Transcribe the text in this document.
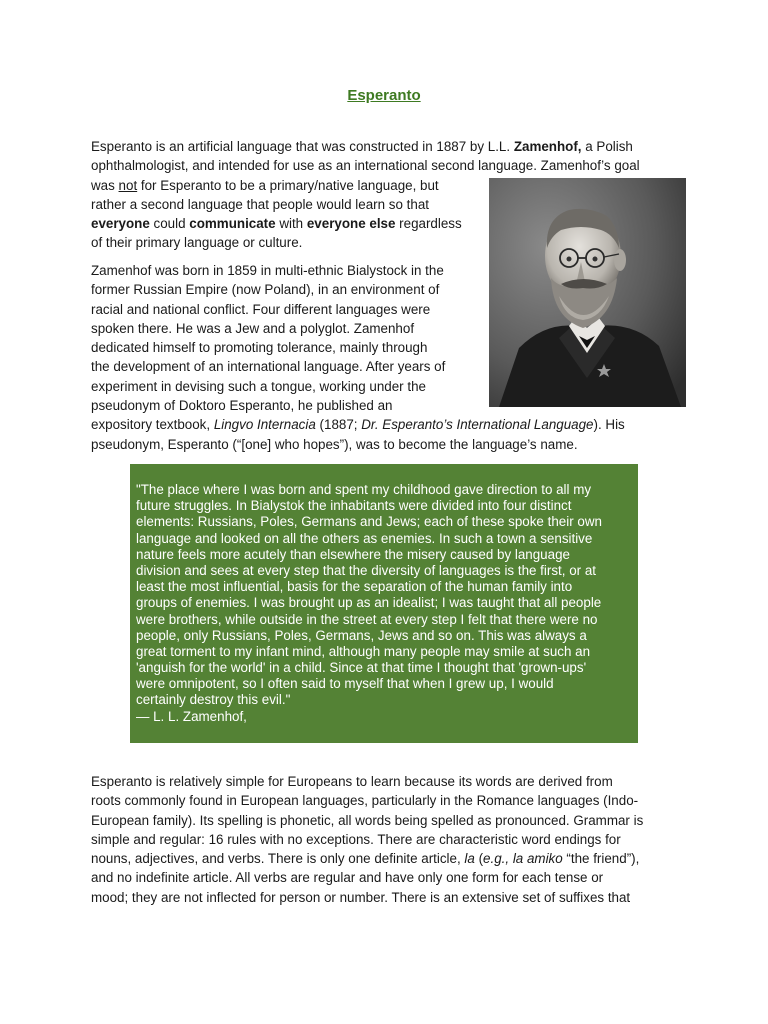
Esperanto
Esperanto is an artificial language that was constructed in 1887 by L.L. Zamenhof, a Polish
ophthalmologist, and intended for use as an international second language. Zamenhof’s goal
was not for Esperanto to be a primary/native language, but
rather a second language that people would learn so that
everyone could communicate with everyone else regardless
of their primary language or culture.
Zamenhof was born in 1859 in multi-ethnic Bialystock in the
former Russian Empire (now Poland), in an environment of
racial and national conflict. Four different languages were
spoken there. He was a Jew and a polyglot. Zamenhof
dedicated himself to promoting tolerance, mainly through
the development of an international language. After years of
experiment in devising such a tongue, working under the
pseudonym of Doktoro Esperanto, he published an
expository textbook, Lingvo Internacia (1887; Dr. Esperanto’s International Language). His
pseudonym, Esperanto (“[one] who hopes”), was to become the language’s name.
"The place where I was born and spent my childhood gave direction to all my
future struggles. In Bialystok the inhabitants were divided into four distinct
elements: Russians, Poles, Germans and Jews; each of these spoke their own
language and looked on all the others as enemies. In such a town a sensitive
nature feels more acutely than elsewhere the misery caused by language
division and sees at every step that the diversity of languages is the first, or at
least the most influential, basis for the separation of the human family into
groups of enemies. I was brought up as an idealist; I was taught that all people
were brothers, while outside in the street at every step I felt that there were no
people, only Russians, Poles, Germans, Jews and so on. This was always a
great torment to my infant mind, although many people may smile at such an
'anguish for the world' in a child. Since at that time I thought that 'grown-ups'
were omnipotent, so I often said to myself that when I grew up, I would
certainly destroy this evil."
— L. L. Zamenhof,
Esperanto is relatively simple for Europeans to learn because its words are derived from
roots commonly found in European languages, particularly in the Romance languages (Indo-
European family). Its spelling is phonetic, all words being spelled as pronounced. Grammar is
simple and regular: 16 rules with no exceptions. There are characteristic word endings for
nouns, adjectives, and verbs. There is only one definite article, la (e.g., la amiko “the friend”),
and no indefinite article. All verbs are regular and have only one form for each tense or
mood; they are not inflected for person or number. There is an extensive set of suffixes that
